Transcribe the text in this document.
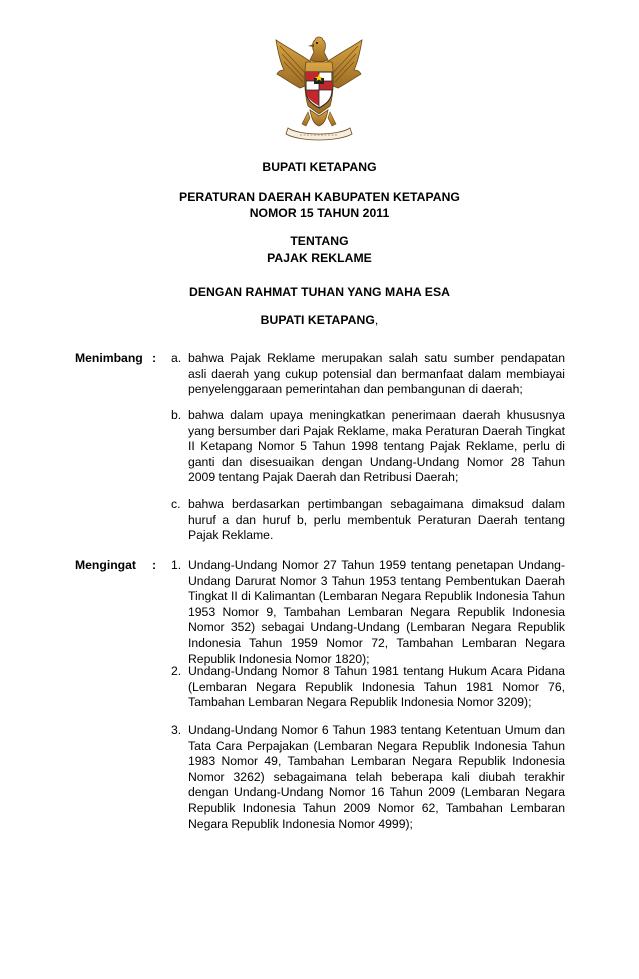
BUPATI KETAPANG
PERATURAN DAERAH KABUPATEN KETAPANG
NOMOR 15 TAHUN 2011
TENTANG
PAJAK REKLAME
DENGAN RAHMAT TUHAN YANG MAHA ESA
BUPATI KETAPANG,
Menimbang : a. bahwa Pajak Reklame merupakan salah satu sumber pendapatan asli daerah yang cukup potensial dan bermanfaat dalam membiayai penyelenggaraan pemerintahan dan pembangunan di daerah;
b. bahwa dalam upaya meningkatkan penerimaan daerah khususnya yang bersumber dari Pajak Reklame, maka Peraturan Daerah Tingkat II Ketapang Nomor 5 Tahun 1998 tentang Pajak Reklame, perlu di ganti dan disesuaikan dengan Undang-Undang Nomor 28 Tahun 2009 tentang Pajak Daerah dan Retribusi Daerah;
c. bahwa berdasarkan pertimbangan sebagaimana dimaksud dalam huruf a dan huruf b, perlu membentuk Peraturan Daerah tentang Pajak Reklame.
Mengingat	: 1. Undang-Undang Nomor 27 Tahun 1959 tentang penetapan Undang-Undang Darurat Nomor 3 Tahun 1953 tentang Pembentukan Daerah Tingkat II di Kalimantan (Lembaran Negara Republik Indonesia Tahun 1953 Nomor 9, Tambahan Lembaran Negara Republik Indonesia Nomor 352) sebagai Undang-Undang (Lembaran Negara Republik Indonesia Tahun 1959 Nomor 72, Tambahan Lembaran Negara Republik Indonesia Nomor 1820);
2. Undang-Undang Nomor 8 Tahun 1981 tentang Hukum Acara Pidana (Lembaran Negara Republik Indonesia Tahun 1981 Nomor 76, Tambahan Lembaran Negara Republik Indonesia Nomor 3209);
3. Undang-Undang Nomor 6 Tahun 1983 tentang Ketentuan Umum dan Tata Cara Perpajakan (Lembaran Negara Republik Indonesia Tahun 1983 Nomor 49, Tambahan Lembaran Negara Republik Indonesia Nomor 3262) sebagaimana telah beberapa kali diubah terakhir dengan Undang-Undang Nomor 16 Tahun 2009 (Lembaran Negara Republik Indonesia Tahun 2009 Nomor 62, Tambahan Lembaran Negara Republik Indonesia Nomor 4999);
